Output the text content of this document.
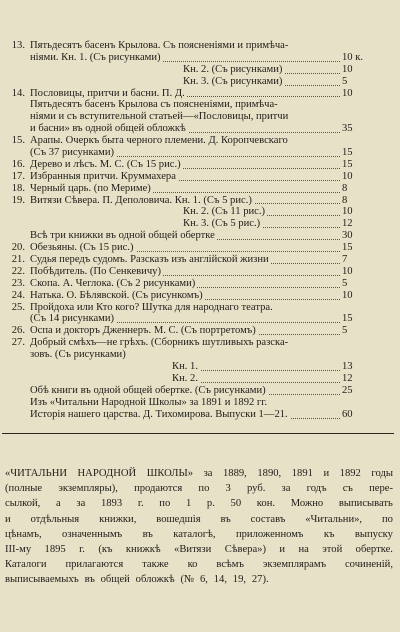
13. Пятьдесятъ басенъ Крылова. Съ поясненіями и примѣча-
ніями. Кн. 1. (Съ рисунками)	10 к.
Кн. 2. (Съ рисунками)	10
Кн. 3. (Съ рисунками)	5
14. Пословицы, притчи и басни. П. Д.	10
Пятьдесятъ басенъ Крылова съ поясненіями, примѣча-
ніями и съ вступительной статьей—«Пословицы, притчи
и басни» въ одной общей обложкѣ	35
15. Арапы. Очеркъ быта черного племени. Д. Коропчевскаго
(Съ 37 рисунками)	15
16. Дерево и лѣсъ. М. С. (Съ 15 рис.)	15
17. Избранныя притчи. Круммахера	10
18. Черный царь. (по Мериме)	8
19. Витязи Сѣвера. П. Деполовича. Кн. 1. (Съ 5 рис.)	8
Кн. 2. (Съ 11 рис.)	10
Кн. 3. (Съ 5 рис.)	12
Всѣ три книжки въ одной общей обертке	30
20. Обезьяны. (Съ 15 рис.)	15
21. Судья передъ судомъ. Разсказъ изъ англійской жизни	7
22. Побѣдитель. (По Сенкевичу)	10
23. Скопа. А. Чеглока. (Съ 2 рисунками)	5
24. Натька. О. Бѣлявской. (Съ рисункомъ)	10
25. Пройдоха или Кто кого? Шутка для народнаго театра.
(Съ 14 рисунками)	15
26. Оспа и докторъ Дженнеръ. М. С. (Съ портретомъ)	5
27. Добрый смѣхъ—не грѣхъ. (Сборникъ шутливыхъ разска-
зовъ. (Съ рисунками)
Кн. 1.	13
Кн. 2.	12
Обѣ книги въ одной общей обертке. (Съ рисунками)	25
Изъ «Читальни Народной Школы» за 1891 и 1892 гг.
Исторія нашего царства. Д. Тихомирова. Выпуски 1—21.	60
«ЧИТАЛЬНИ НАРОДНОЙ ШКОЛЫ» за 1889, 1890, 1891 и 1892 годы
(полные экземпляры), продаются по 3 руб. за годъ съ пере-
сылкой, а за 1893 г. по 1 р. 50 кон. Можно выписывать
и отдѣльныя книжки, вошедшія въ составъ «Читальни», по
цѣнамъ, означеннымъ въ каталогѣ, приложенномъ къ выпуску
III-му 1895 г. (къ книжкѣ «Витязи Сѣвера») и на этой обертке.
Каталоги прилагаются также ко всѣмъ экземплярамъ сочиненій,
выписываемыхъ въ общей обложкѣ (№ 6, 14, 19, 27).
